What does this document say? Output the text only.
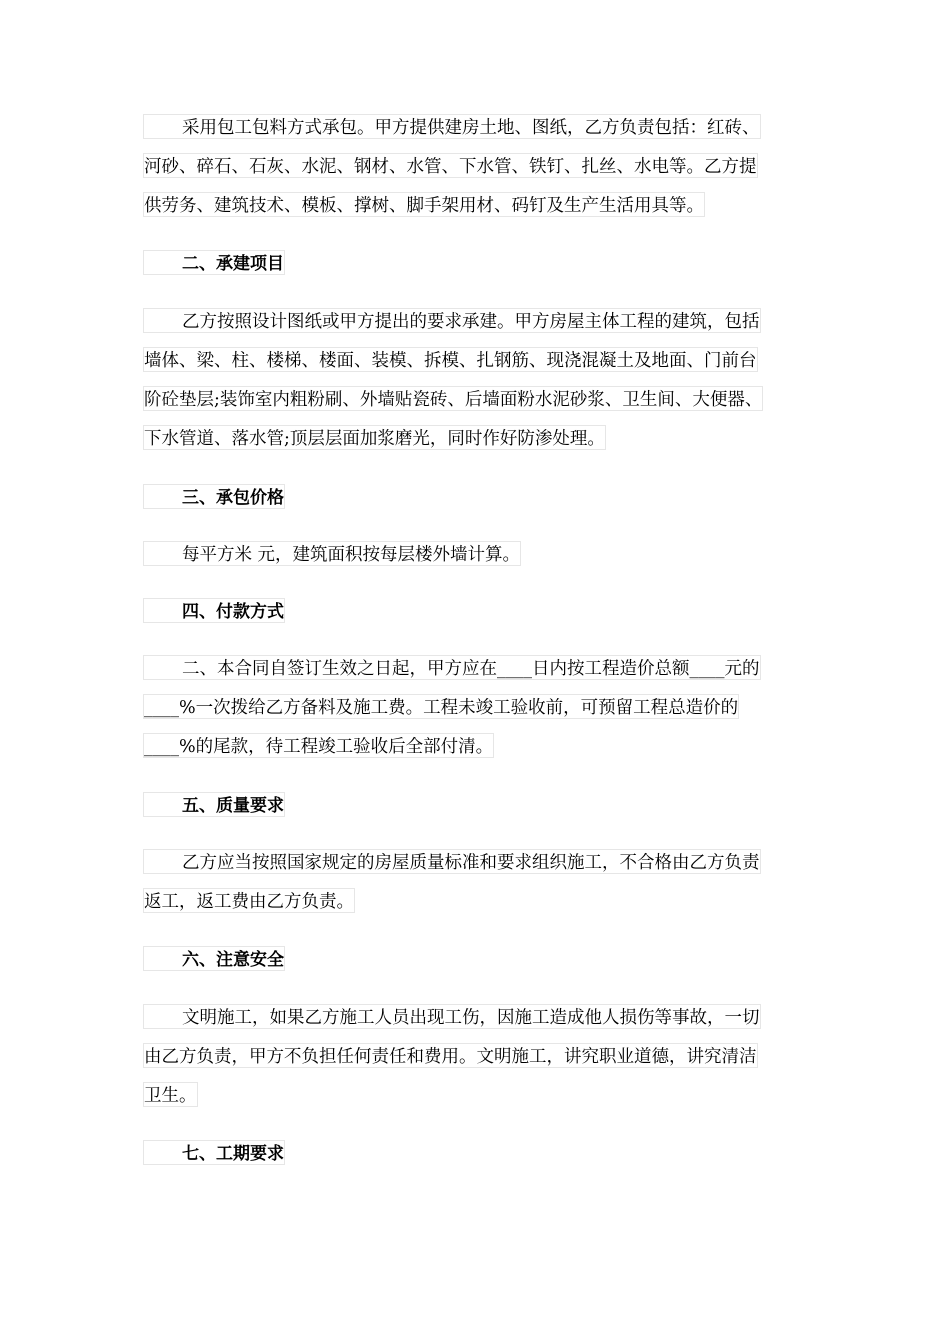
采用包工包料方式承包。甲方提供建房土地、图纸，乙方负责包括：红砖、
河砂、碎石、石灰、水泥、钢材、水管、下水管、铁钉、扎丝、水电等。乙方提
供劳务、建筑技术、模板、撑树、脚手架用材、码钉及生产生活用具等。
二、承建项目
乙方按照设计图纸或甲方提出的要求承建。甲方房屋主体工程的建筑，包括
墙体、梁、柱、楼梯、楼面、装模、拆模、扎钢筋、现浇混凝土及地面、门前台
阶砼垫层;装饰室内粗粉刷、外墙贴瓷砖、后墙面粉水泥砂浆、卫生间、大便器、
下水管道、落水管;顶层层面加浆磨光，同时作好防渗处理。
三、承包价格
每平方米 元，建筑面积按每层楼外墙计算。
四、付款方式
二、本合同自签订生效之日起，甲方应在____日内按工程造价总额____元的
____%一次拨给乙方备料及施工费。工程未竣工验收前，可预留工程总造价的
____%的尾款，待工程竣工验收后全部付清。
五、质量要求
乙方应当按照国家规定的房屋质量标准和要求组织施工，不合格由乙方负责
返工，返工费由乙方负责。
六、注意安全
文明施工，如果乙方施工人员出现工伤，因施工造成他人损伤等事故，一切
由乙方负责，甲方不负担任何责任和费用。文明施工，讲究职业道德，讲究清洁
卫生。
七、工期要求
